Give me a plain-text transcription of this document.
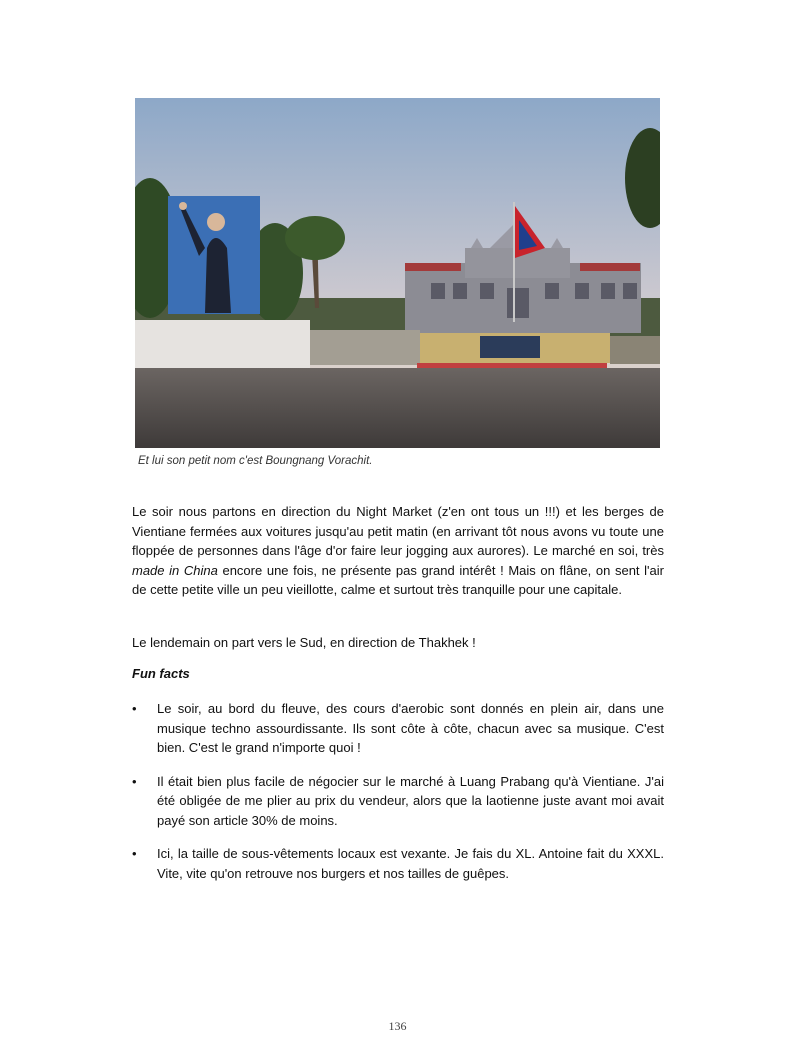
Et lui son petit nom c'est Boungnang Vorachit.
Le soir nous partons en direction du Night Market (z'en ont tous un !!!) et les berges de Vientiane fermées aux voitures jusqu'au petit matin (en arrivant tôt nous avons vu toute une floppée de personnes dans l'âge d'or faire leur jogging aux aurores). Le marché en soi, très made in China encore une fois, ne présente pas grand intérêt ! Mais on flâne, on sent l'air de cette petite ville un peu vieillotte, calme et surtout très tranquille pour une capitale.
Le lendemain on part vers le Sud, en direction de Thakhek !
Fun facts
• Le soir, au bord du fleuve, des cours d'aerobic sont donnés en plein air, dans une musique techno assourdissante. Ils sont côte à côte, chacun avec sa musique. C'est bien. C'est le grand n'importe quoi !
• Il était bien plus facile de négocier sur le marché à Luang Prabang qu'à Vientiane. J'ai été obligée de me plier au prix du vendeur, alors que la laotienne juste avant moi avait payé son article 30% de moins.
• Ici, la taille de sous-vêtements locaux est vexante. Je fais du XL. Antoine fait du XXXL. Vite, vite qu'on retrouve nos burgers et nos tailles de guêpes.
136
